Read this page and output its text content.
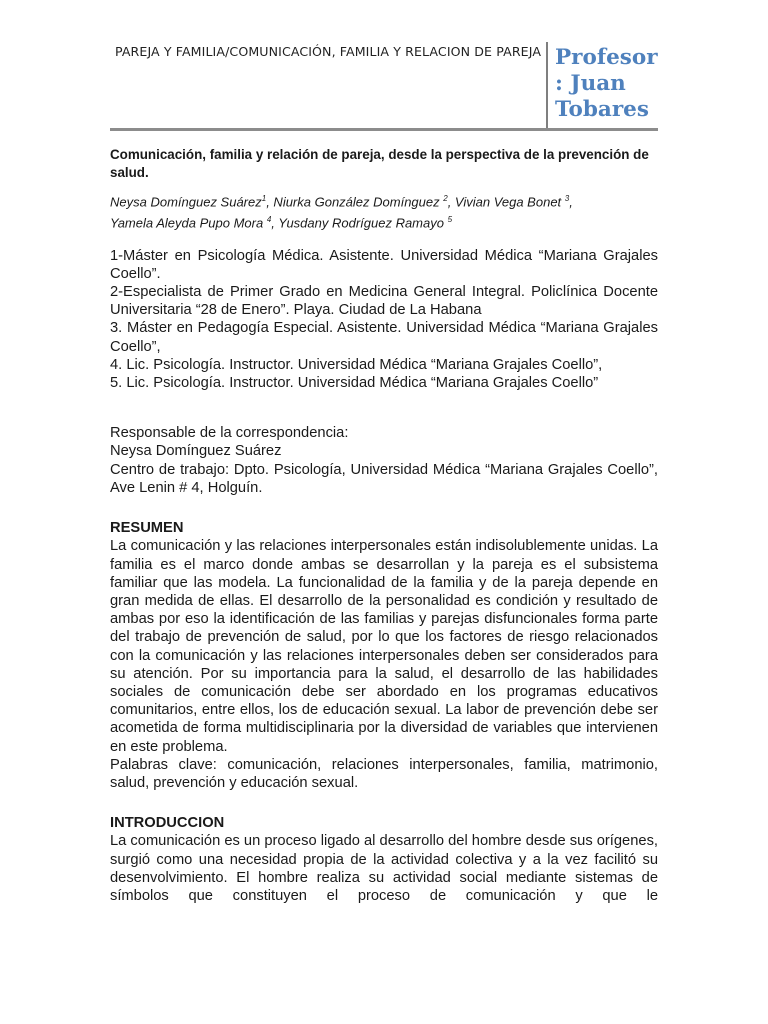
PAREJA Y FAMILIA/COMUNICACIÓN, FAMILIA Y RELACION DE PAREJA Profesor
: Juan
Tobares

Comunicación, familia y relación de pareja, desde la perspectiva de la prevención de salud.

Neysa Domínguez Suárez$^1$, Niurka González Domínguez $^2$, Vivian Vega Bonet $^3$,
Yamela Aleyda Pupo Mora $^4$, Yusdany Rodríguez Ramayo $^5$

1-Máster en Psicología Médica. Asistente. Universidad Médica “Mariana Grajales Coello”.

2-Especialista de Primer Grado en Medicina General Integral. Policlínica Docente Universitaria “28 de Enero”. Playa. Ciudad de La Habana

3. Máster en Pedagogía Especial. Asistente. Universidad Médica “Mariana Grajales Coello”,

4. Lic. Psicología. Instructor. Universidad Médica “Mariana Grajales Coello”,

5. Lic. Psicología. Instructor. Universidad Médica “Mariana Grajales Coello”

Responsable de la correspondencia:

Neysa Domínguez Suárez

Centro de trabajo: Dpto. Psicología, Universidad Médica “Mariana Grajales Coello”, Ave Lenin # 4, Holguín.

RESUMEN

La comunicación y las relaciones interpersonales están indisolublemente unidas. La familia es el marco donde ambas se desarrollan y la pareja es el subsistema familiar que las modela. La funcionalidad de la familia y de la pareja depende en gran medida de ellas. El desarrollo de la personalidad es condición y resultado de ambas por eso la identificación de las familias y parejas disfuncionales forma parte del trabajo de prevención de salud, por lo que los factores de riesgo relacionados con la comunicación y las relaciones interpersonales deben ser considerados para su atención. Por su importancia para la salud, el desarrollo de las habilidades sociales de comunicación debe ser abordado en los programas educativos comunitarios, entre ellos, los de educación sexual. La labor de prevención debe ser acometida de forma multidisciplinaria por la diversidad de variables que intervienen en este problema.

Palabras clave: comunicación, relaciones interpersonales, familia, matrimonio, salud, prevención y educación sexual.

INTRODUCCION

La comunicación es un proceso ligado al desarrollo del hombre desde sus orígenes, surgió como una necesidad propia de la actividad colectiva y a la vez facilitó su desenvolvimiento. El hombre realiza su actividad social mediante sistemas de símbolos que constituyen el proceso de comunicación y que le
